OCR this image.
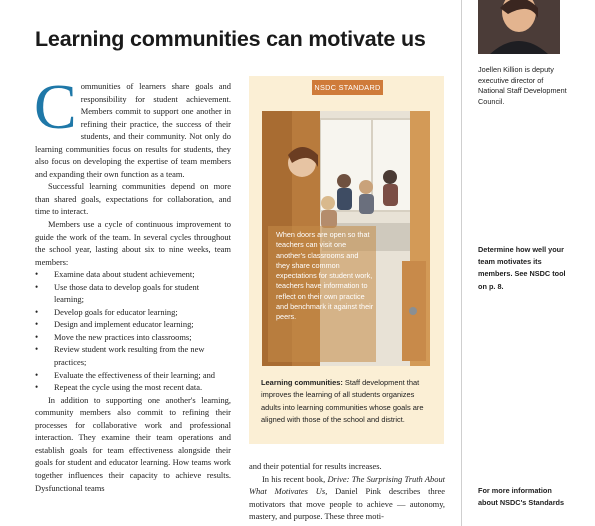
Learning communities can motivate us

Communities of learners share goals and responsibility for student achievement. Members commit to support one another in refining their practice, the success of their students, and their community. Not only do learning communities focus on results for students, they also focus on developing the expertise of team members and expanding their own function as a team.

Successful learning communities depend on more than shared goals, expectations for collaboration, and time to interact.

Members use a cycle of continuous improvement to guide the work of the team. In several cycles throughout the school year, lasting about six to nine weeks, team members:

• Examine data about student achievement;
• Use those data to develop goals for student learning;
• Develop goals for educator learning;
• Design and implement educator learning;
• Move the new practices into classrooms;
• Review student work resulting from the new practices;
• Evaluate the effectiveness of their learning; and
• Repeat the cycle using the most recent data.

In addition to supporting one another's learning, community members also commit to refining their processes for collaborative work and professional interaction. They examine their team operations and establish goals for team effectiveness alongside their goals for student and educator learning. How teams work together influences their capacity to achieve results. Dysfunctional teams

NSDC STANDARD
When doors are open so that teachers can visit one another's classrooms and they share common expectations for student work, teachers have information to reflect on their own practice and benchmark it against their peers.
Learning communities: Staff development that improves the learning of all students organizes adults into learning communities whose goals are aligned with those of the school and district.

and their potential for results increases.

In his recent book, Drive: The Surprising Truth About What Motivates Us, Daniel Pink describes three motivators that move people to achieve — autonomy, mastery, and purpose. These three moti-

Joellen Killion is deputy executive director of National Staff Development Council.
Determine how well your team motivates its members. See NSDC tool on p. 8.
For more information about NSDC's Standards
